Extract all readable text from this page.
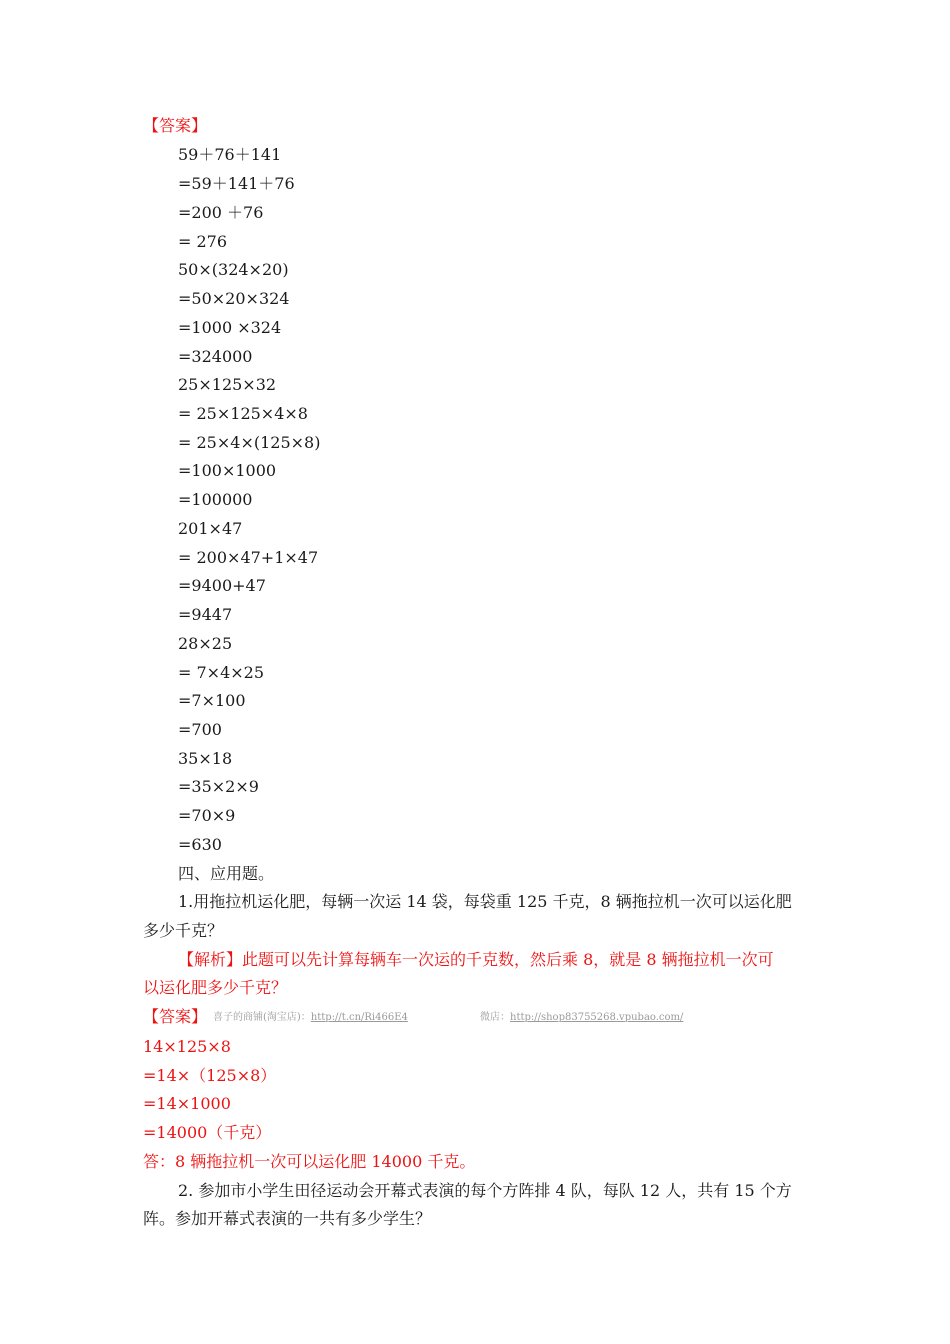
【答案】
59＋76＋141
=59＋141＋76
=200 ＋76
= 276
50×(324×20)
=50×20×324
=1000 ×324
=324000
25×125×32
= 25×125×4×8
= 25×4×(125×8)
=100×1000
=100000
201×47
= 200×47+1×47
=9400+47
=9447
28×25
= 7×4×25
=7×100
=700
35×18
=35×2×9
=70×9
=630
四、应用题。
1.用拖拉机运化肥，每辆一次运 14 袋，每袋重 125 千克，8 辆拖拉机一次可以运化肥
多少千克？
【解析】此题可以先计算每辆车一次运的千克数，然后乘 8，就是 8 辆拖拉机一次可
以运化肥多少千克？
【答案】 喜子的商铺(淘宝店)：http://t.cn/Ri466E4	微店：http://shop83755268.vpubao.com/
14×125×8
=14×（125×8）
=14×1000
=14000（千克）
答：8 辆拖拉机一次可以运化肥 14000 千克。
2. 参加市小学生田径运动会开幕式表演的每个方阵排 4 队，每队 12 人，共有 15 个方
阵。参加开幕式表演的一共有多少学生？
